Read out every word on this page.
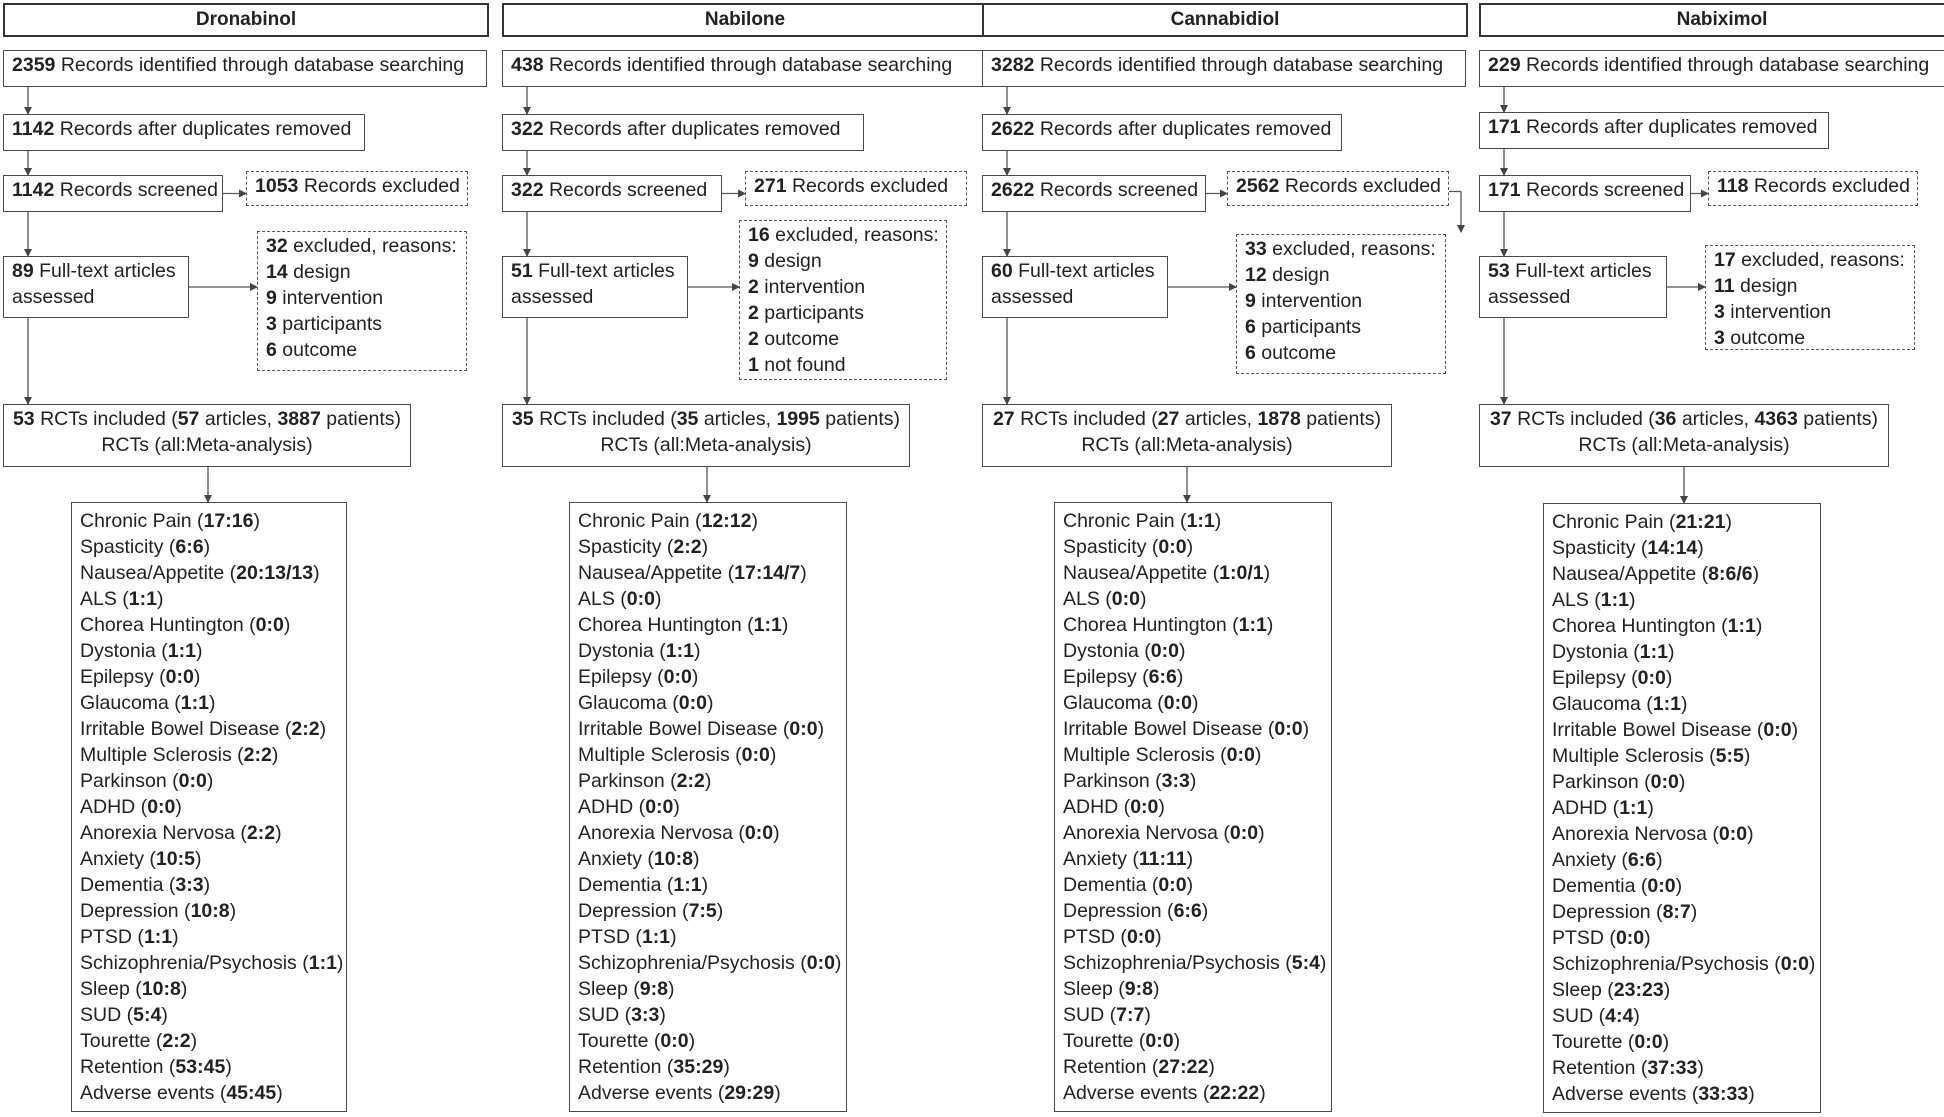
Dronabinol
2359 Records identified through database searching
1142 Records after duplicates removed
1142 Records screened 1053 Records excluded
89 Full-text articles
assessed
32 excluded, reasons:
14 design
9 intervention
3 participants
6 outcome
53 RCTs included (57 articles, 3887 patients)
RCTs (all:Meta-analysis)
Chronic Pain (17:16)
Spasticity (6:6)
Nausea/Appetite (20:13/13)
ALS (1:1)
Chorea Huntington (0:0)
Dystonia (1:1)
Epilepsy (0:0)
Glaucoma (1:1)
Irritable Bowel Disease (2:2)
Multiple Sclerosis (2:2)
Parkinson (0:0)
ADHD (0:0)
Anorexia Nervosa (2:2)
Anxiety (10:5)
Dementia (3:3)
Depression (10:8)
PTSD (1:1)
Schizophrenia/Psychosis (1:1)
Sleep (10:8)
SUD (5:4)
Tourette (2:2)
Retention (53:45)
Adverse events (45:45)
Nabilone
438 Records identified through database searching
322 Records after duplicates removed
322 Records screened 271 Records excluded
51 Full-text articles
assessed
16 excluded, reasons:
9 design
2 intervention
2 participants
2 outcome
1 not found
35 RCTs included (35 articles, 1995 patients)
RCTs (all:Meta-analysis)
Chronic Pain (12:12)
Spasticity (2:2)
Nausea/Appetite (17:14/7)
ALS (0:0)
Chorea Huntington (1:1)
Dystonia (1:1)
Epilepsy (0:0)
Glaucoma (0:0)
Irritable Bowel Disease (0:0)
Multiple Sclerosis (0:0)
Parkinson (2:2)
ADHD (0:0)
Anorexia Nervosa (0:0)
Anxiety (10:8)
Dementia (1:1)
Depression (7:5)
PTSD (1:1)
Schizophrenia/Psychosis (0:0)
Sleep (9:8)
SUD (3:3)
Tourette (0:0)
Retention (35:29)
Adverse events (29:29)
Cannabidiol
3282 Records identified through database searching
2622 Records after duplicates removed
2622 Records screened 2562 Records excluded
60 Full-text articles
assessed
33 excluded, reasons:
12 design
9 intervention
6 participants
6 outcome
27 RCTs included (27 articles, 1878 patients)
RCTs (all:Meta-analysis)
Chronic Pain (1:1)
Spasticity (0:0)
Nausea/Appetite (1:0/1)
ALS (0:0)
Chorea Huntington (1:1)
Dystonia (0:0)
Epilepsy (6:6)
Glaucoma (0:0)
Irritable Bowel Disease (0:0)
Multiple Sclerosis (0:0)
Parkinson (3:3)
ADHD (0:0)
Anorexia Nervosa (0:0)
Anxiety (11:11)
Dementia (0:0)
Depression (6:6)
PTSD (0:0)
Schizophrenia/Psychosis (5:4)
Sleep (9:8)
SUD (7:7)
Tourette (0:0)
Retention (27:22)
Adverse events (22:22)
Nabiximol
229 Records identified through database searching
171 Records after duplicates removed
171 Records screened 118 Records excluded
53 Full-text articles
assessed
17 excluded, reasons:
11 design
3 intervention
3 outcome
37 RCTs included (36 articles, 4363 patients)
RCTs (all:Meta-analysis)
Chronic Pain (21:21)
Spasticity (14:14)
Nausea/Appetite (8:6/6)
ALS (1:1)
Chorea Huntington (1:1)
Dystonia (1:1)
Epilepsy (0:0)
Glaucoma (1:1)
Irritable Bowel Disease (0:0)
Multiple Sclerosis (5:5)
Parkinson (0:0)
ADHD (1:1)
Anorexia Nervosa (0:0)
Anxiety (6:6)
Dementia (0:0)
Depression (8:7)
PTSD (0:0)
Schizophrenia/Psychosis (0:0)
Sleep (23:23)
SUD (4:4)
Tourette (0:0)
Retention (37:33)
Adverse events (33:33)
